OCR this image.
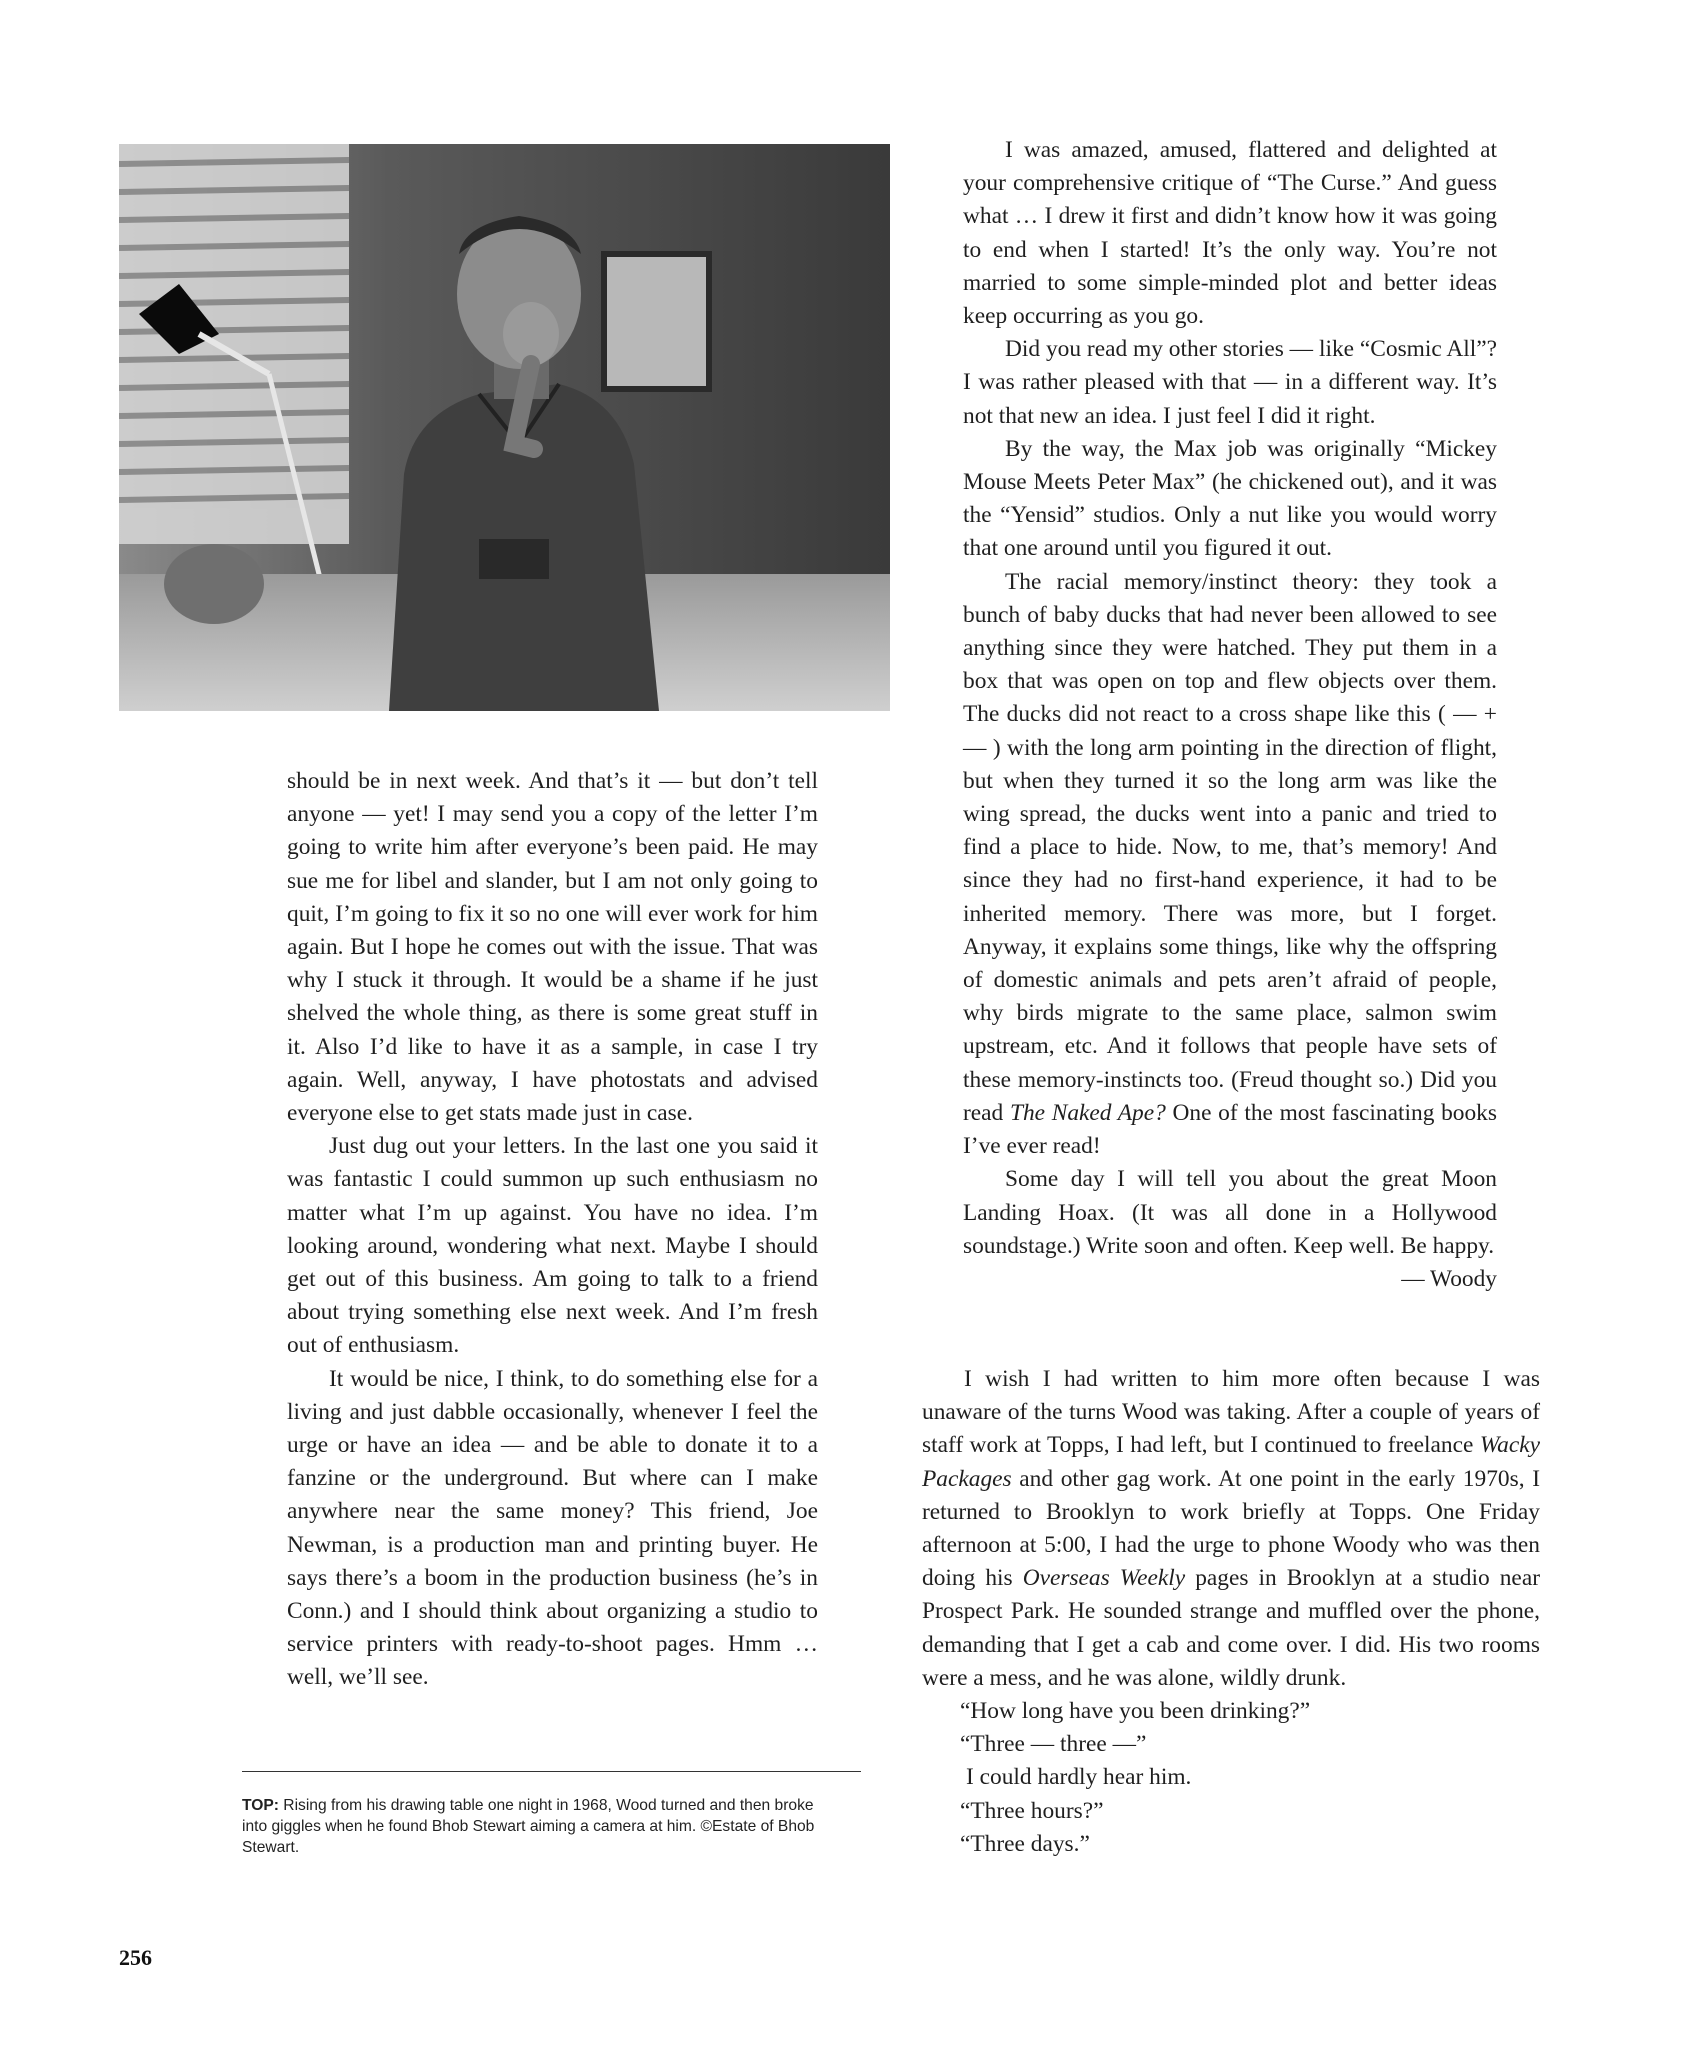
should be in next week. And that’s it — but don’t tell anyone — yet! I may send you a copy of the letter I’m going to write him after everyone’s been paid. He may sue me for libel and slander, but I am not only going to quit, I’m going to fix it so no one will ever work for him again. But I hope he comes out with the issue. That was why I stuck it through. It would be a shame if he just shelved the whole thing, as there is some great stuff in it. Also I’d like to have it as a sample, in case I try again. Well, anyway, I have photostats and advised everyone else to get stats made just in case.

Just dug out your letters. In the last one you said it was fantastic I could summon up such enthusiasm no matter what I’m up against. You have no idea. I’m looking around, wondering what next. Maybe I should get out of this business. Am going to talk to a friend about trying something else next week. And I’m fresh out of enthusiasm.

It would be nice, I think, to do something else for a living and just dabble occasionally, whenever I feel the urge or have an idea — and be able to donate it to a fanzine or the underground. But where can I make anywhere near the same money? This friend, Joe Newman, is a production man and printing buyer. He says there’s a boom in the production business (he’s in Conn.) and I should think about organizing a studio to service printers with ready-to-shoot pages. Hmm … well, we’ll see.

I was amazed, amused, flattered and delighted at your comprehensive critique of “The Curse.” And guess what … I drew it first and didn’t know how it was going to end when I started! It’s the only way. You’re not married to some simple-minded plot and better ideas keep occurring as you go.

Did you read my other stories — like “Cosmic All”? I was rather pleased with that — in a different way. It’s not that new an idea. I just feel I did it right.

By the way, the Max job was originally “Mickey Mouse Meets Peter Max” (he chickened out), and it was the “Yensid” studios. Only a nut like you would worry that one around until you figured it out.

The racial memory/instinct theory: they took a bunch of baby ducks that had never been allowed to see anything since they were hatched. They put them in a box that was open on top and flew objects over them. The ducks did not react to a cross shape like this ( — + — ) with the long arm pointing in the direction of flight, but when they turned it so the long arm was like the wing spread, the ducks went into a panic and tried to find a place to hide. Now, to me, that’s memory! And since they had no first-hand experience, it had to be inherited memory. There was more, but I forget. Anyway, it explains some things, like why the offspring of domestic animals and pets aren’t afraid of people, why birds migrate to the same place, salmon swim upstream, etc. And it follows that people have sets of these memory-instincts too. (Freud thought so.) Did you read The Naked Ape? One of the most fascinating books I’ve ever read!

Some day I will tell you about the great Moon Landing Hoax. (It was all done in a Hollywood soundstage.) Write soon and often. Keep well. Be happy.

— Woody

I wish I had written to him more often because I was unaware of the turns Wood was taking. After a couple of years of staff work at Topps, I had left, but I continued to freelance Wacky Packages and other gag work. At one point in the early 1970s, I returned to Brooklyn to work briefly at Topps. One Friday afternoon at 5:00, I had the urge to phone Woody who was then doing his Overseas Weekly pages in Brooklyn at a studio near Prospect Park. He sounded strange and muffled over the phone, demanding that I get a cab and come over. I did. His two rooms were a mess, and he was alone, wildly drunk.

“How long have you been drinking?”

“Three — three —”

I could hardly hear him.

“Three hours?”

“Three days.”

TOP: Rising from his drawing table one night in 1968, Wood turned and then broke into giggles when he found Bhob Stewart aiming a camera at him. ©Estate of Bhob Stewart.
256
